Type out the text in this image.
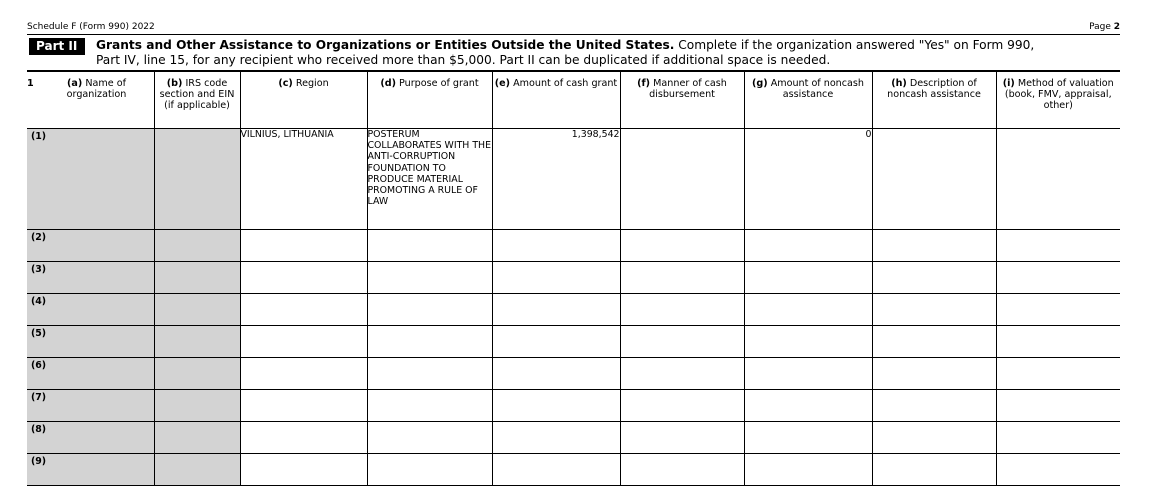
Schedule F (Form 990) 2022	Page 2
Part II	Grants and Other Assistance to Organizations or Entities Outside the United States. Complete if the organization answered "Yes" on Form 990,
Part IV, line 15, for any recipient who received more than $5,000. Part II can be duplicated if additional space is needed.
1 (a) Name of organization	(b) IRS code section and EIN (if applicable)	(c) Region	(d) Purpose of grant	(e) Amount of cash grant	(f) Manner of cash disbursement	(g) Amount of noncash assistance	(h) Description of noncash assistance	(i) Method of valuation (book, FMV, appraisal, other)
(1)		VILNIUS, LITHUANIA	POSTERUM COLLABORATES WITH THE ANTI-CORRUPTION FOUNDATION TO PRODUCE MATERIAL PROMOTING A RULE OF LAW	1,398,542		0		
(2)								
(3)								
(4)								
(5)								
(6)								
(7)								
(8)								
(9)								
